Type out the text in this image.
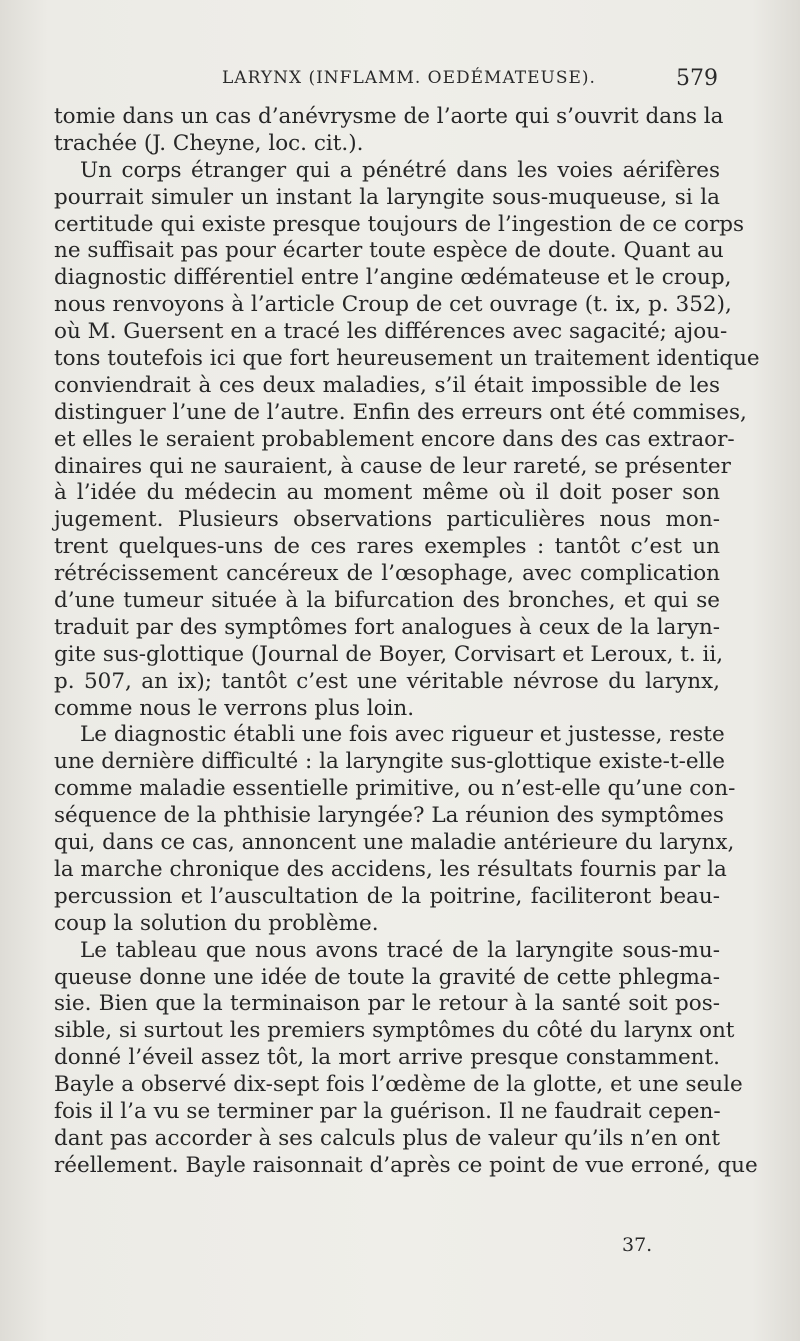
LARYNX (INFLAMM. OEDÉMATEUSE).	579
tomie dans un cas d’anévrysme de l’aorte qui s’ouvrit dans la
trachée (J. Cheyne, loc. cit.).
Un corps étranger qui a pénétré dans les voies aérifères
pourrait simuler un instant la laryngite sous-muqueuse, si la
certitude qui existe presque toujours de l’ingestion de ce corps
ne suffisait pas pour écarter toute espèce de doute. Quant au
diagnostic différentiel entre l’angine œdémateuse et le croup,
nous renvoyons à l’article Croup de cet ouvrage (t. ix, p. 352),
où M. Guersent en a tracé les différences avec sagacité; ajou-
tons toutefois ici que fort heureusement un traitement identique
conviendrait à ces deux maladies, s’il était impossible de les
distinguer l’une de l’autre. Enfin des erreurs ont été commises,
et elles le seraient probablement encore dans des cas extraor-
dinaires qui ne sauraient, à cause de leur rareté, se présenter
à l’idée du médecin au moment même où il doit poser son
jugement. Plusieurs observations particulières nous mon-
trent quelques-uns de ces rares exemples : tantôt c’est un
rétrécissement cancéreux de l’œsophage, avec complication
d’une tumeur située à la bifurcation des bronches, et qui se
traduit par des symptômes fort analogues à ceux de la laryn-
gite sus-glottique (Journal de Boyer, Corvisart et Leroux, t. ii,
p. 507, an ix); tantôt c’est une véritable névrose du larynx,
comme nous le verrons plus loin.
Le diagnostic établi une fois avec rigueur et justesse, reste
une dernière difficulté : la laryngite sus-glottique existe-t-elle
comme maladie essentielle primitive, ou n’est-elle qu’une con-
séquence de la phthisie laryngée? La réunion des symptômes
qui, dans ce cas, annoncent une maladie antérieure du larynx,
la marche chronique des accidens, les résultats fournis par la
percussion et l’auscultation de la poitrine, faciliteront beau-
coup la solution du problème.
Le tableau que nous avons tracé de la laryngite sous-mu-
queuse donne une idée de toute la gravité de cette phlegma-
sie. Bien que la terminaison par le retour à la santé soit pos-
sible, si surtout les premiers symptômes du côté du larynx ont
donné l’éveil assez tôt, la mort arrive presque constamment.
Bayle a observé dix-sept fois l’œdème de la glotte, et une seule
fois il l’a vu se terminer par la guérison. Il ne faudrait cepen-
dant pas accorder à ses calculs plus de valeur qu’ils n’en ont
réellement. Bayle raisonnait d’après ce point de vue erroné, que
37.
